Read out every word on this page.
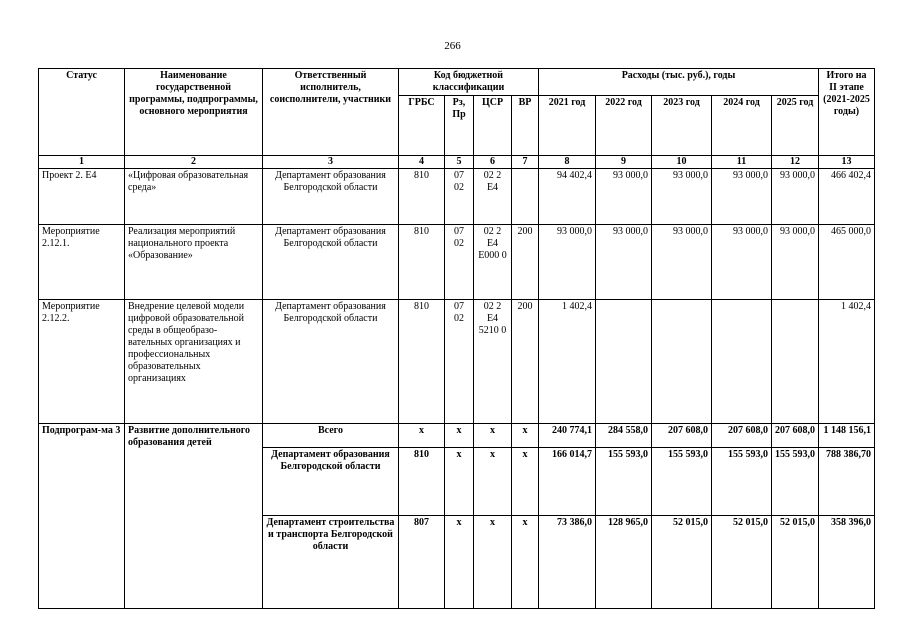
266
Статус	Наименование государственной программы, подпрограммы, основного мероприятия	Ответственный исполнитель, соисполнители, участники	Код бюджетной классификации				Расходы (тыс. руб.), годы					Итого на II этапе (2021-2025 годы)
			ГРБС	Рз, Пр	ЦСР	ВР	2021 год	2022 год	2023 год	2024 год	2025 год	
1	2	3	4	5	6	7	8	9	10	11	12	13
Проект 2. Е4	«Цифровая образовательная среда»	Департамент образования Белгородской области	810	07 02	02 2 Е4		94 402,4	93 000,0	93 000,0	93 000,0	93 000,0	466 402,4
Мероприятие 2.12.1.	Реализация мероприятий национального проекта «Образование»	Департамент образования Белгородской области	810	07 02	02 2 Е4 Е000 0	200	93 000,0	93 000,0	93 000,0	93 000,0	93 000,0	465 000,0
Мероприятие 2.12.2.	Внедрение целевой модели цифровой образовательной среды в общеобразо-вательных организациях и профессиональных образовательных организациях	Департамент образования Белгородской области	810	07 02	02 2 Е4 5210 0	200	1 402,4					1 402,4
Подпрограм-ма 3	Развитие дополнительного образования детей	Всего	x	x	x	x	240 774,1	284 558,0	207 608,0	207 608,0	207 608,0	1 148 156,1
		Департамент образования Белгородской области	810	x	x	x	166 014,7	155 593,0	155 593,0	155 593,0	155 593,0	788 386,70
		Департамент строительства и транспорта Белгородской области	807	x	x	x	73 386,0	128 965,0	52 015,0	52 015,0	52 015,0	358 396,0
